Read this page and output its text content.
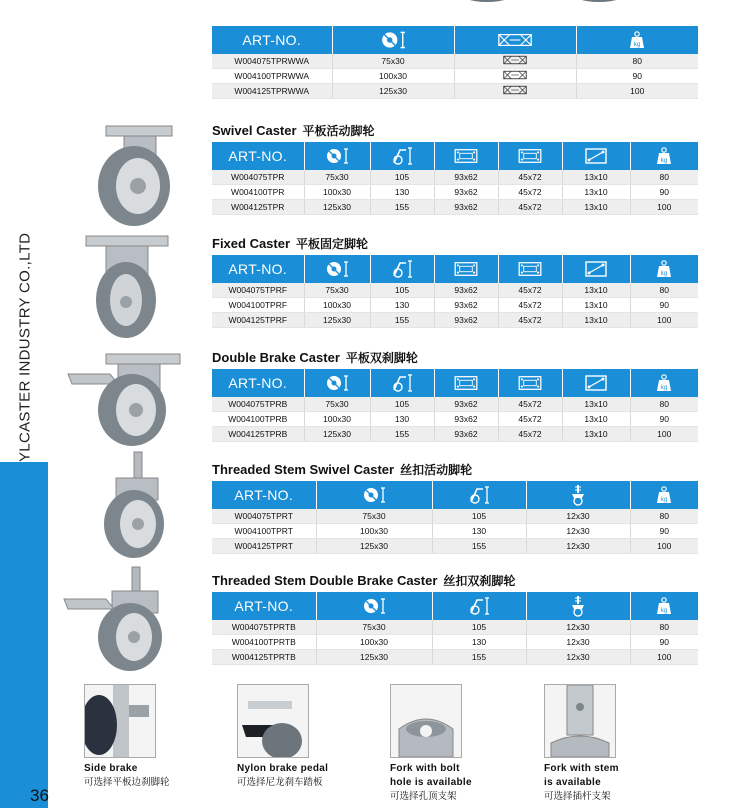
YLCASTER INDUSTRY CO.,LTD
36
ART-NO.			
W004075TPRWWA	75x30		80
W004100TPRWWA	100x30		90
W004125TPRWWA	125x30		100
Swivel Caster 平板活动脚轮
ART-NO.						
W004075TPR	75x30	105	93x62	45x72	13x10	80
W004100TPR	100x30	130	93x62	45x72	13x10	90
W004125TPR	125x30	155	93x62	45x72	13x10	100
Fixed Caster 平板固定脚轮
ART-NO.						
W004075TPRF	75x30	105	93x62	45x72	13x10	80
W004100TPRF	100x30	130	93x62	45x72	13x10	90
W004125TPRF	125x30	155	93x62	45x72	13x10	100
Double Brake Caster 平板双刹脚轮
ART-NO.						
W004075TPRB	75x30	105	93x62	45x72	13x10	80
W004100TPRB	100x30	130	93x62	45x72	13x10	90
W004125TPRB	125x30	155	93x62	45x72	13x10	100
Threaded Stem Swivel Caster 丝扣活动脚轮
ART-NO.				
W004075TPRT	75x30	105	12x30	80
W004100TPRT	100x30	130	12x30	90
W004125TPRT	125x30	155	12x30	100
Threaded Stem Double Brake Caster 丝扣双刹脚轮
ART-NO.				
W004075TPRTB	75x30	105	12x30	80
W004100TPRTB	100x30	130	12x30	90
W004125TPRTB	125x30	155	12x30	100
Side brake
可选择平板边刹脚轮
Nylon brake pedal
可选择尼龙刹车踏板
Fork with bolt
hole is available
可选择孔顶支架
Fork with stem
is available
可选择插杆支架
